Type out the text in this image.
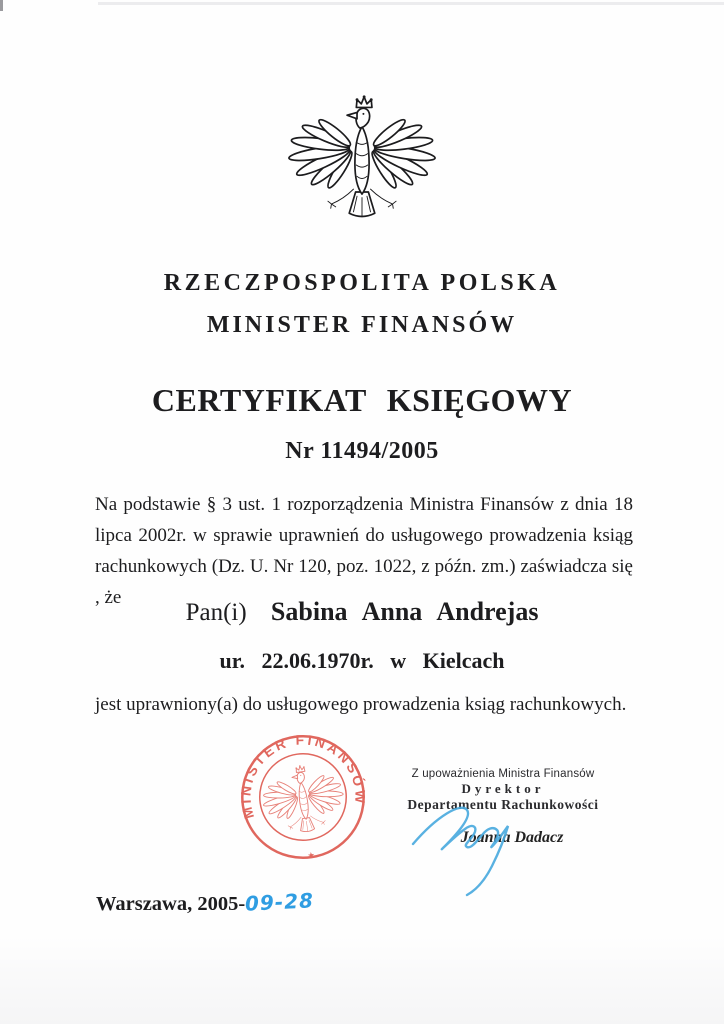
RZECZPOSPOLITA POLSKA
MINISTER FINANSÓW
CERTYFIKAT KSIĘGOWY
Nr 11494/2005

Na podstawie § 3 ust. 1 rozporządzenia Ministra Finansów z dnia 18 lipca 2002r. w sprawie uprawnień do usługowego prowadzenia ksiąg rachunkowych (Dz. U. Nr 120, poz. 1022, z późn. zm.) zaświadcza się , że

Pan(i) Sabina Anna Andrejas
ur. 22.06.1970r. w Kielcach
jest uprawniony(a) do usługowego prowadzenia ksiąg rachunkowych.
MINISTER FINANSÓW
★
Z upoważnienia Ministra Finansów
Dyrektor
Departamentu Rachunkowości
Joanna Dadacz
Warszawa, 2005-09-28
